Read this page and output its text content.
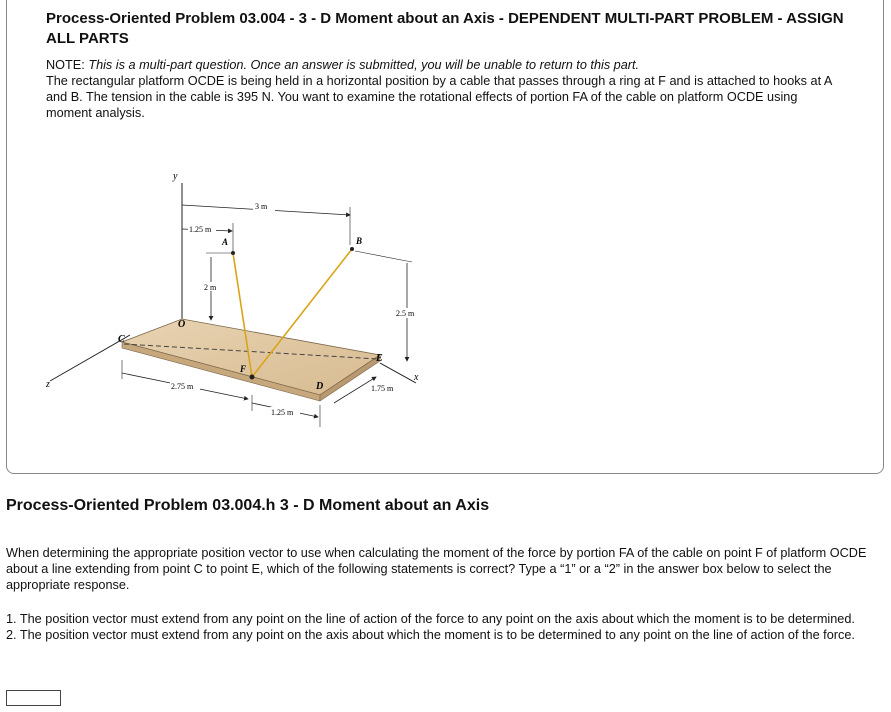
Process-Oriented Problem 03.004 - 3 - D Moment about an Axis - DEPENDENT MULTI-PART PROBLEM - ASSIGN ALL PARTS
NOTE: This is a multi-part question. Once an answer is submitted, you will be unable to return to this part.
The rectangular platform OCDE is being held in a horizontal position by a cable that passes through a ring at F and is attached to hooks at A and B. The tension in the cable is 395 N. You want to examine the rotational effects of portion FA of the cable on platform OCDE using moment analysis.
y
z
x
O
A	B
C
D
E
F
3 m
1.25 m
2 m
2.5 m
2.75 m
1.25 m
1.75 m
Process-Oriented Problem 03.004.h 3 - D Moment about an Axis
When determining the appropriate position vector to use when calculating the moment of the force by portion FA of the cable on point F of platform OCDE about a line extending from point C to point E, which of the following statements is correct? Type a “1” or a “2” in the answer box below to select the appropriate response.
1. The position vector must extend from any point on the line of action of the force to any point on the axis about which the moment is to be determined.
2. The position vector must extend from any point on the axis about which the moment is to be determined to any point on the line of action of the force.
